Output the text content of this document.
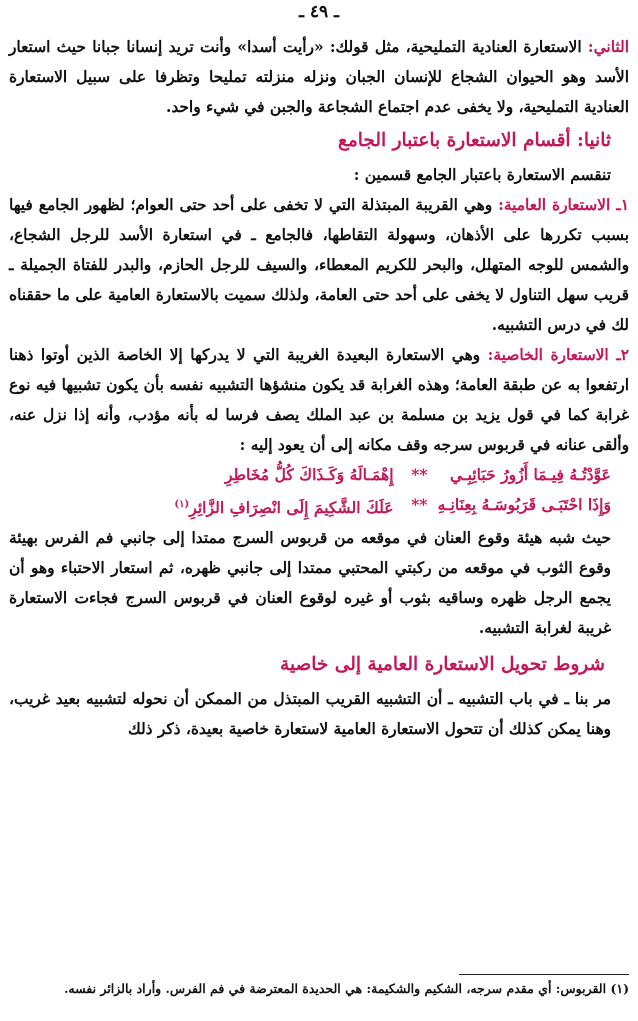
ـ ٤٩ ـ

الثاني: الاستعارة العنادية التمليحية، مثل قولك: «رأيت أسدا» وأنت تريد إنسانا جبانا حيث استعار الأسد وهو الحيوان الشجاع للإنسان الجبان ونزله منزلته تمليحا وتظرفا على سبيل الاستعارة العنادية التمليحية، ولا يخفى عدم اجتماع الشجاعة والجبن في شيء واحد.

ثانيا: أقسام الاستعارة باعتبار الجامع

تنقسم الاستعارة باعتبار الجامع قسمين :

١ـ الاستعارة العامية: وهي القريبة المبتذلة التي لا تخفى على أحد حتى العوام؛ لظهور الجامع فيها بسبب تكررها على الأذهان، وسهولة التقاطها، فالجامع ـ في استعارة الأسد للرجل الشجاع، والشمس للوجه المتهلل، والبحر للكريم المعطاء، والسيف للرجل الحازم، والبدر للفتاة الجميلة ـ قريب سهل التناول لا يخفى على أحد حتى العامة، ولذلك سميت بالاستعارة العامية على ما حققناه لك في درس التشبيه.

٢ـ الاستعارة الخاصية: وهي الاستعارة البعيدة الغريبة التي لا يدركها إلا الخاصة الذين أوتوا ذهنا ارتفعوا به عن طبقة العامة؛ وهذه الغرابة قد يكون منشؤها التشبيه نفسه بأن يكون تشبيها فيه نوع غرابة كما في قول يزيد بن مسلمة بن عبد الملك يصف فرسا له بأنه مؤدب، وأنه إذا نزل عنه، وألقى عنانه في قربوس سرجه وقف مكانه إلى أن يعود إليه :

عَوَّدْتُـهُ فِيـمَا أَزُورُ حَبَائِبِـي
**
إِهْمَـالَهُ وَكَـذَاكَ كُلُّ مُخَاطِرِ
وَإِذَا احْتَبَـى قَرَبُوسَـهُ بِعِنَانِـهِ
**
عَلَكَ الشَّكِيمَ إِلَى انْصِرَافِ الزَّائِرِ$^{(١)}$

حيث شبه هيئة وقوع العنان في موقعه من قربوس السرج ممتدا إلى جانبي فم الفرس بهيئة وقوع الثوب في موقعه من ركبتي المحتبي ممتدا إلى جانبي ظهره، ثم استعار الاحتباء وهو أن يجمع الرجل ظهره وساقيه بثوب أو غيره لوقوع العنان في قربوس السرج فجاءت الاستعارة غريبة لغرابة التشبيه.

شروط تحويل الاستعارة العامية إلى خاصية

مر بنا ـ في باب التشبيه ـ أن التشبيه القريب المبتذل من الممكن أن نحوله لتشبيه بعيد غريب، وهنا يمكن كذلك أن تتحول الاستعارة العامية لاستعارة خاصية بعيدة، ذكر ذلك

(١) القربوس: أي مقدم سرجه، الشكيم والشكيمة: هي الحديدة المعترضة في فم الفرس. وأراد بالزائر نفسه.
